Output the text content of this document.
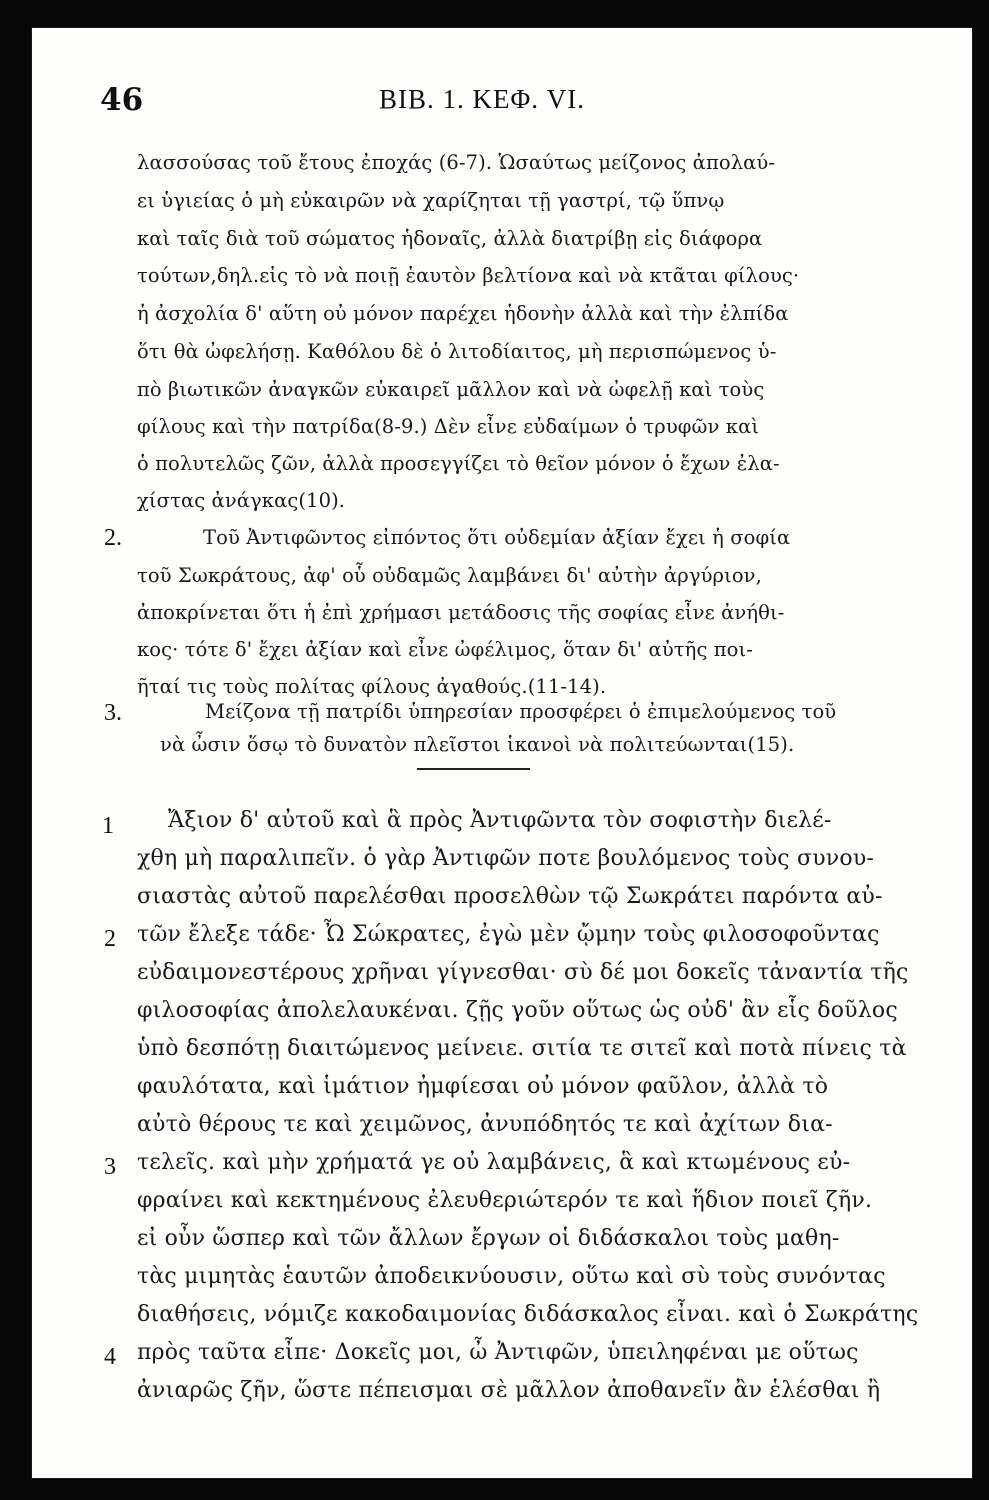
46	ΒΙΒ. 1. ΚΕΦ. VI.
λασσούσας τοῦ ἔτους ἐποχάς (6-7). Ὡσαύτως μείζονος ἀπολαύ-
ει ὑγιείας ὁ μὴ εὐκαιρῶν νὰ χαρίζηται τῇ γαστρί, τῷ ὕπνῳ
καὶ ταῖς διὰ τοῦ σώματος ἡδοναῖς, ἀλλὰ διατρίβῃ εἰς διάφορα
τούτων,δηλ.εἰς τὸ νὰ ποιῇ ἑαυτὸν βελτίονα καὶ νὰ κτᾶται φίλους·
ἡ ἀσχολία δ' αὕτη οὐ μόνον παρέχει ἡδονὴν ἀλλὰ καὶ τὴν ἐλπίδα
ὅτι θὰ ὠφελήσῃ. Καθόλου δὲ ὁ λιτοδίαιτος, μὴ περισπώμενος ὑ-
πὸ βιωτικῶν ἀναγκῶν εὐκαιρεῖ μᾶλλον καὶ νὰ ὠφελῇ καὶ τοὺς
φίλους καὶ τὴν πατρίδα(8-9.) Δὲν εἶνε εὐδαίμων ὁ τρυφῶν καὶ
ὁ πολυτελῶς ζῶν, ἀλλὰ προσεγγίζει τὸ θεῖον μόνον ὁ ἔχων ἐλα-
χίστας ἀνάγκας(10).
2.	Τοῦ Ἀντιφῶντος εἰπόντος ὅτι οὐδεμίαν ἀξίαν ἔχει ἡ σοφία
τοῦ Σωκράτους, ἀφ' οὗ οὐδαμῶς λαμβάνει δι' αὐτὴν ἀργύριον,
ἀποκρίνεται ὅτι ἡ ἐπὶ χρήμασι μετάδοσις τῆς σοφίας εἶνε ἀνήθι-
κος· τότε δ' ἔχει ἀξίαν καὶ εἶνε ὠφέλιμος, ὅταν δι' αὐτῆς ποι-
ῆταί τις τοὺς πολίτας φίλους ἀγαθούς.(11-14).
3.	Μείζονα τῇ πατρίδι ὑπηρεσίαν προσφέρει ὁ ἐπιμελούμενος τοῦ
νὰ ὦσιν ὅσῳ τὸ δυνατὸν πλεῖστοι ἱκανοὶ νὰ πολιτεύωνται(15).
1 Ἄξιον δ' αὐτοῦ καὶ ἃ πρὸς Ἀντιφῶντα τὸν σοφιστὴν διελέ-
χθη μὴ παραλιπεῖν. ὁ γὰρ Ἀντιφῶν ποτε βουλόμενος τοὺς συνου-
σιαστὰς αὐτοῦ παρελέσθαι προσελθὼν τῷ Σωκράτει παρόντα αὐ-
2 τῶν ἔλεξε τάδε· Ὦ Σώκρατες, ἐγὼ μὲν ᾤμην τοὺς φιλοσοφοῦντας
εὐδαιμονεστέρους χρῆναι γίγνεσθαι· σὺ δέ μοι δοκεῖς τἀναντία τῆς
φιλοσοφίας ἀπολελαυκέναι. ζῇς γοῦν οὕτως ὡς οὐδ' ἂν εἷς δοῦλος
ὑπὸ δεσπότῃ διαιτώμενος μείνειε. σιτία τε σιτεῖ καὶ ποτὰ πίνεις τὰ
φαυλότατα, καὶ ἱμάτιον ἠμφίεσαι οὐ μόνον φαῦλον, ἀλλὰ τὸ
αὐτὸ θέρους τε καὶ χειμῶνος, ἀνυπόδητός τε καὶ ἀχίτων δια-
3 τελεῖς. καὶ μὴν χρήματά γε οὐ λαμβάνεις, ἃ καὶ κτωμένους εὐ-
φραίνει καὶ κεκτημένους ἐλευθεριώτερόν τε καὶ ἥδιον ποιεῖ ζῆν.
εἰ οὖν ὥσπερ καὶ τῶν ἄλλων ἔργων οἱ διδάσκαλοι τοὺς μαθη-
τὰς μιμητὰς ἑαυτῶν ἀποδεικνύουσιν, οὕτω καὶ σὺ τοὺς συνόντας
διαθήσεις, νόμιζε κακοδαιμονίας διδάσκαλος εἶναι. καὶ ὁ Σωκράτης
4 πρὸς ταῦτα εἶπε· Δοκεῖς μοι, ὦ Ἀντιφῶν, ὑπειληφέναι με οὕτως
ἀνιαρῶς ζῆν, ὥστε πέπεισμαι σὲ μᾶλλον ἀποθανεῖν ἂν ἑλέσθαι ἢ
